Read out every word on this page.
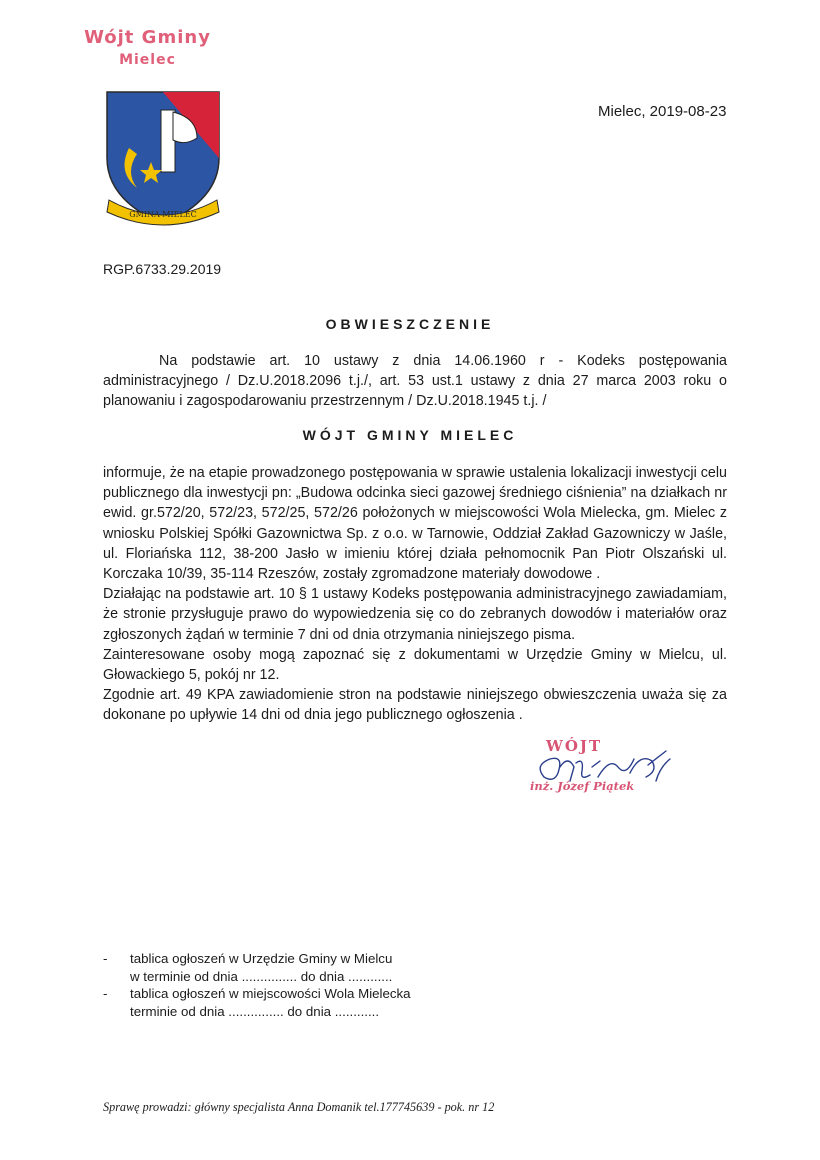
Wójt Gminy
Mielec
GMINA MIELEC
Mielec, 2019-08-23
RGP.6733.29.2019
OBWIESZCZENIE
Na podstawie art. 10 ustawy z dnia 14.06.1960 r - Kodeks postępowania administracyjnego / Dz.U.2018.2096 t.j./, art. 53 ust.1 ustawy z dnia 27 marca 2003 roku o planowaniu i zagospodarowaniu przestrzennym / Dz.U.2018.1945 t.j. /
WÓJT GMINY MIELEC

informuje, że na etapie prowadzonego postępowania w sprawie ustalenia lokalizacji inwestycji celu publicznego dla inwestycji pn: „Budowa odcinka sieci gazowej średniego ciśnienia” na działkach nr ewid. gr.572/20, 572/23, 572/25, 572/26 położonych w miejscowości Wola Mielecka, gm. Mielec z wniosku Polskiej Spółki Gazownictwa Sp. z o.o. w Tarnowie, Oddział Zakład Gazowniczy w Jaśle, ul. Floriańska 112, 38-200 Jasło w imieniu której działa pełnomocnik Pan Piotr Olszański ul. Korczaka 10/39, 35-114 Rzeszów, zostały zgromadzone materiały dowodowe .

Działając na podstawie art. 10 § 1 ustawy Kodeks postępowania administracyjnego zawiadamiam, że stronie przysługuje prawo do wypowiedzenia się co do zebranych dowodów i materiałów oraz zgłoszonych żądań w terminie 7 dni od dnia otrzymania niniejszego pisma.

Zainteresowane osoby mogą zapoznać się z dokumentami w Urzędzie Gminy w Mielcu, ul. Głowackiego 5, pokój nr 12.

Zgodnie art. 49 KPA zawiadomienie stron na podstawie niniejszego obwieszczenia uważa się za dokonane po upływie 14 dni od dnia jego publicznego ogłoszenia .

WÓJT
inż. Józef Piątek
- tablica ogłoszeń w Urzędzie Gminy w Mielcu
w terminie od dnia ............... do dnia ............
- tablica ogłoszeń w miejscowości Wola Mielecka
terminie od dnia ............... do dnia ............
Sprawę prowadzi: główny specjalista Anna Domanik tel.177745639 - pok. nr 12
